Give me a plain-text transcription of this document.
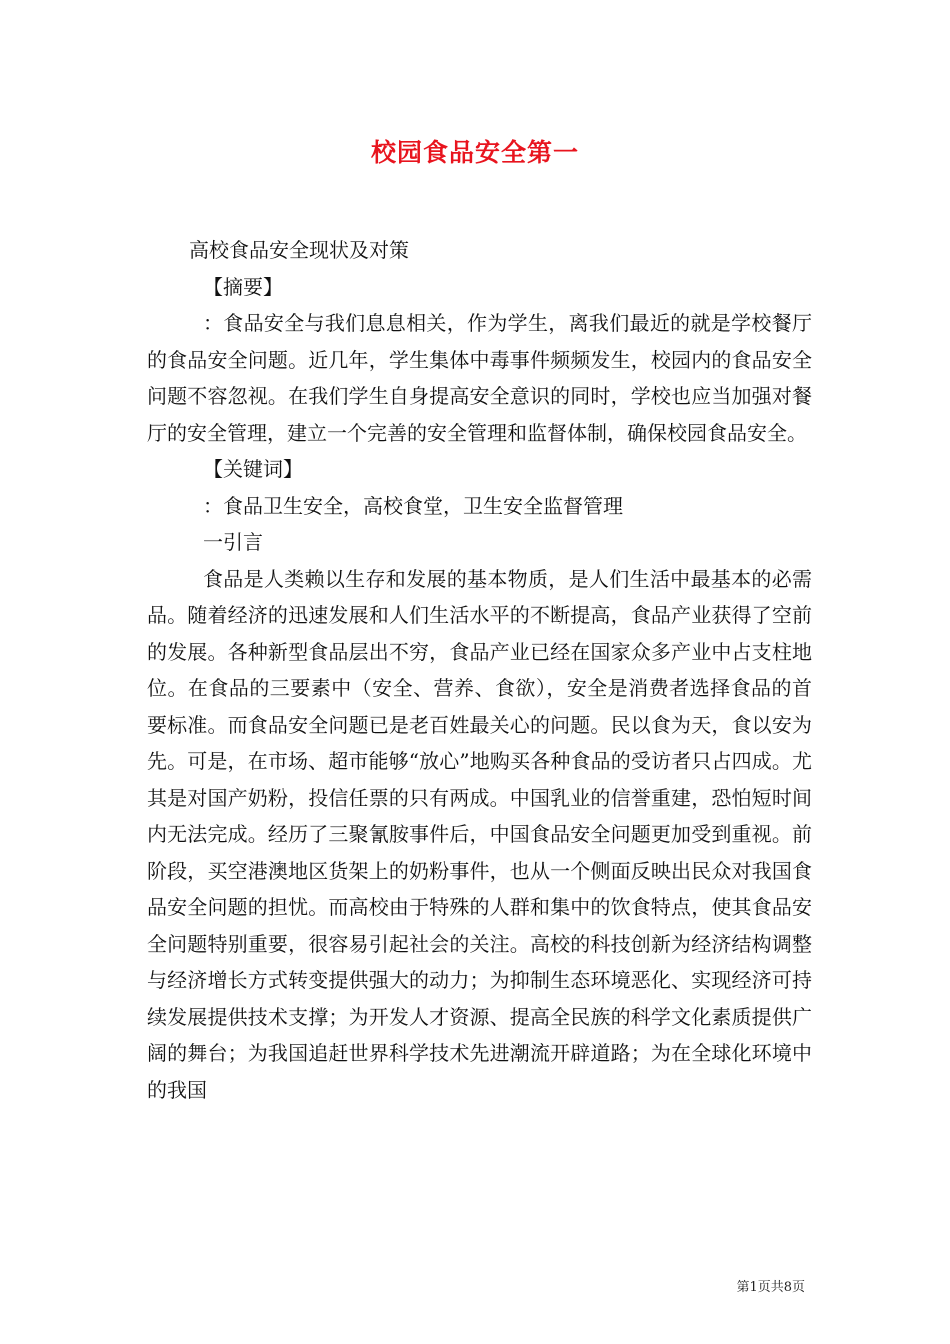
校园食品安全第一

高校食品安全现状及对策

【摘要】

：食品安全与我们息息相关，作为学生，离我们最近的就是学校餐厅的食品安全问题。近几年，学生集体中毒事件频频发生，校园内的食品安全问题不容忽视。在我们学生自身提高安全意识的同时，学校也应当加强对餐厅的安全管理，建立一个完善的安全管理和监督体制，确保校园食品安全。

【关键词】

：食品卫生安全，高校食堂，卫生安全监督管理

一引言

食品是人类赖以生存和发展的基本物质，是人们生活中最基本的必需品。随着经济的迅速发展和人们生活水平的不断提高，食品产业获得了空前的发展。各种新型食品层出不穷，食品产业已经在国家众多产业中占支柱地位。在食品的三要素中（安全、营养、食欲），安全是消费者选择食品的首要标准。而食品安全问题已是老百姓最关心的问题。民以食为天，食以安为先。可是，在市场、超市能够“放心”地购买各种食品的受访者只占四成。尤其是对国产奶粉，投信任票的只有两成。中国乳业的信誉重建，恐怕短时间内无法完成。经历了三聚氰胺事件后，中国食品安全问题更加受到重视。前阶段，买空港澳地区货架上的奶粉事件，也从一个侧面反映出民众对我国食品安全问题的担忧。而高校由于特殊的人群和集中的饮食特点，使其食品安全问题特别重要，很容易引起社会的关注。高校的科技创新为经济结构调整与经济增长方式转变提供强大的动力；为抑制生态环境恶化、实现经济可持续发展提供技术支撑；为开发人才资源、提高全民族的科学文化素质提供广阔的舞台；为我国追赶世界科学技术先进潮流开辟道路；为在全球化环境中的我国

第1页共8页
